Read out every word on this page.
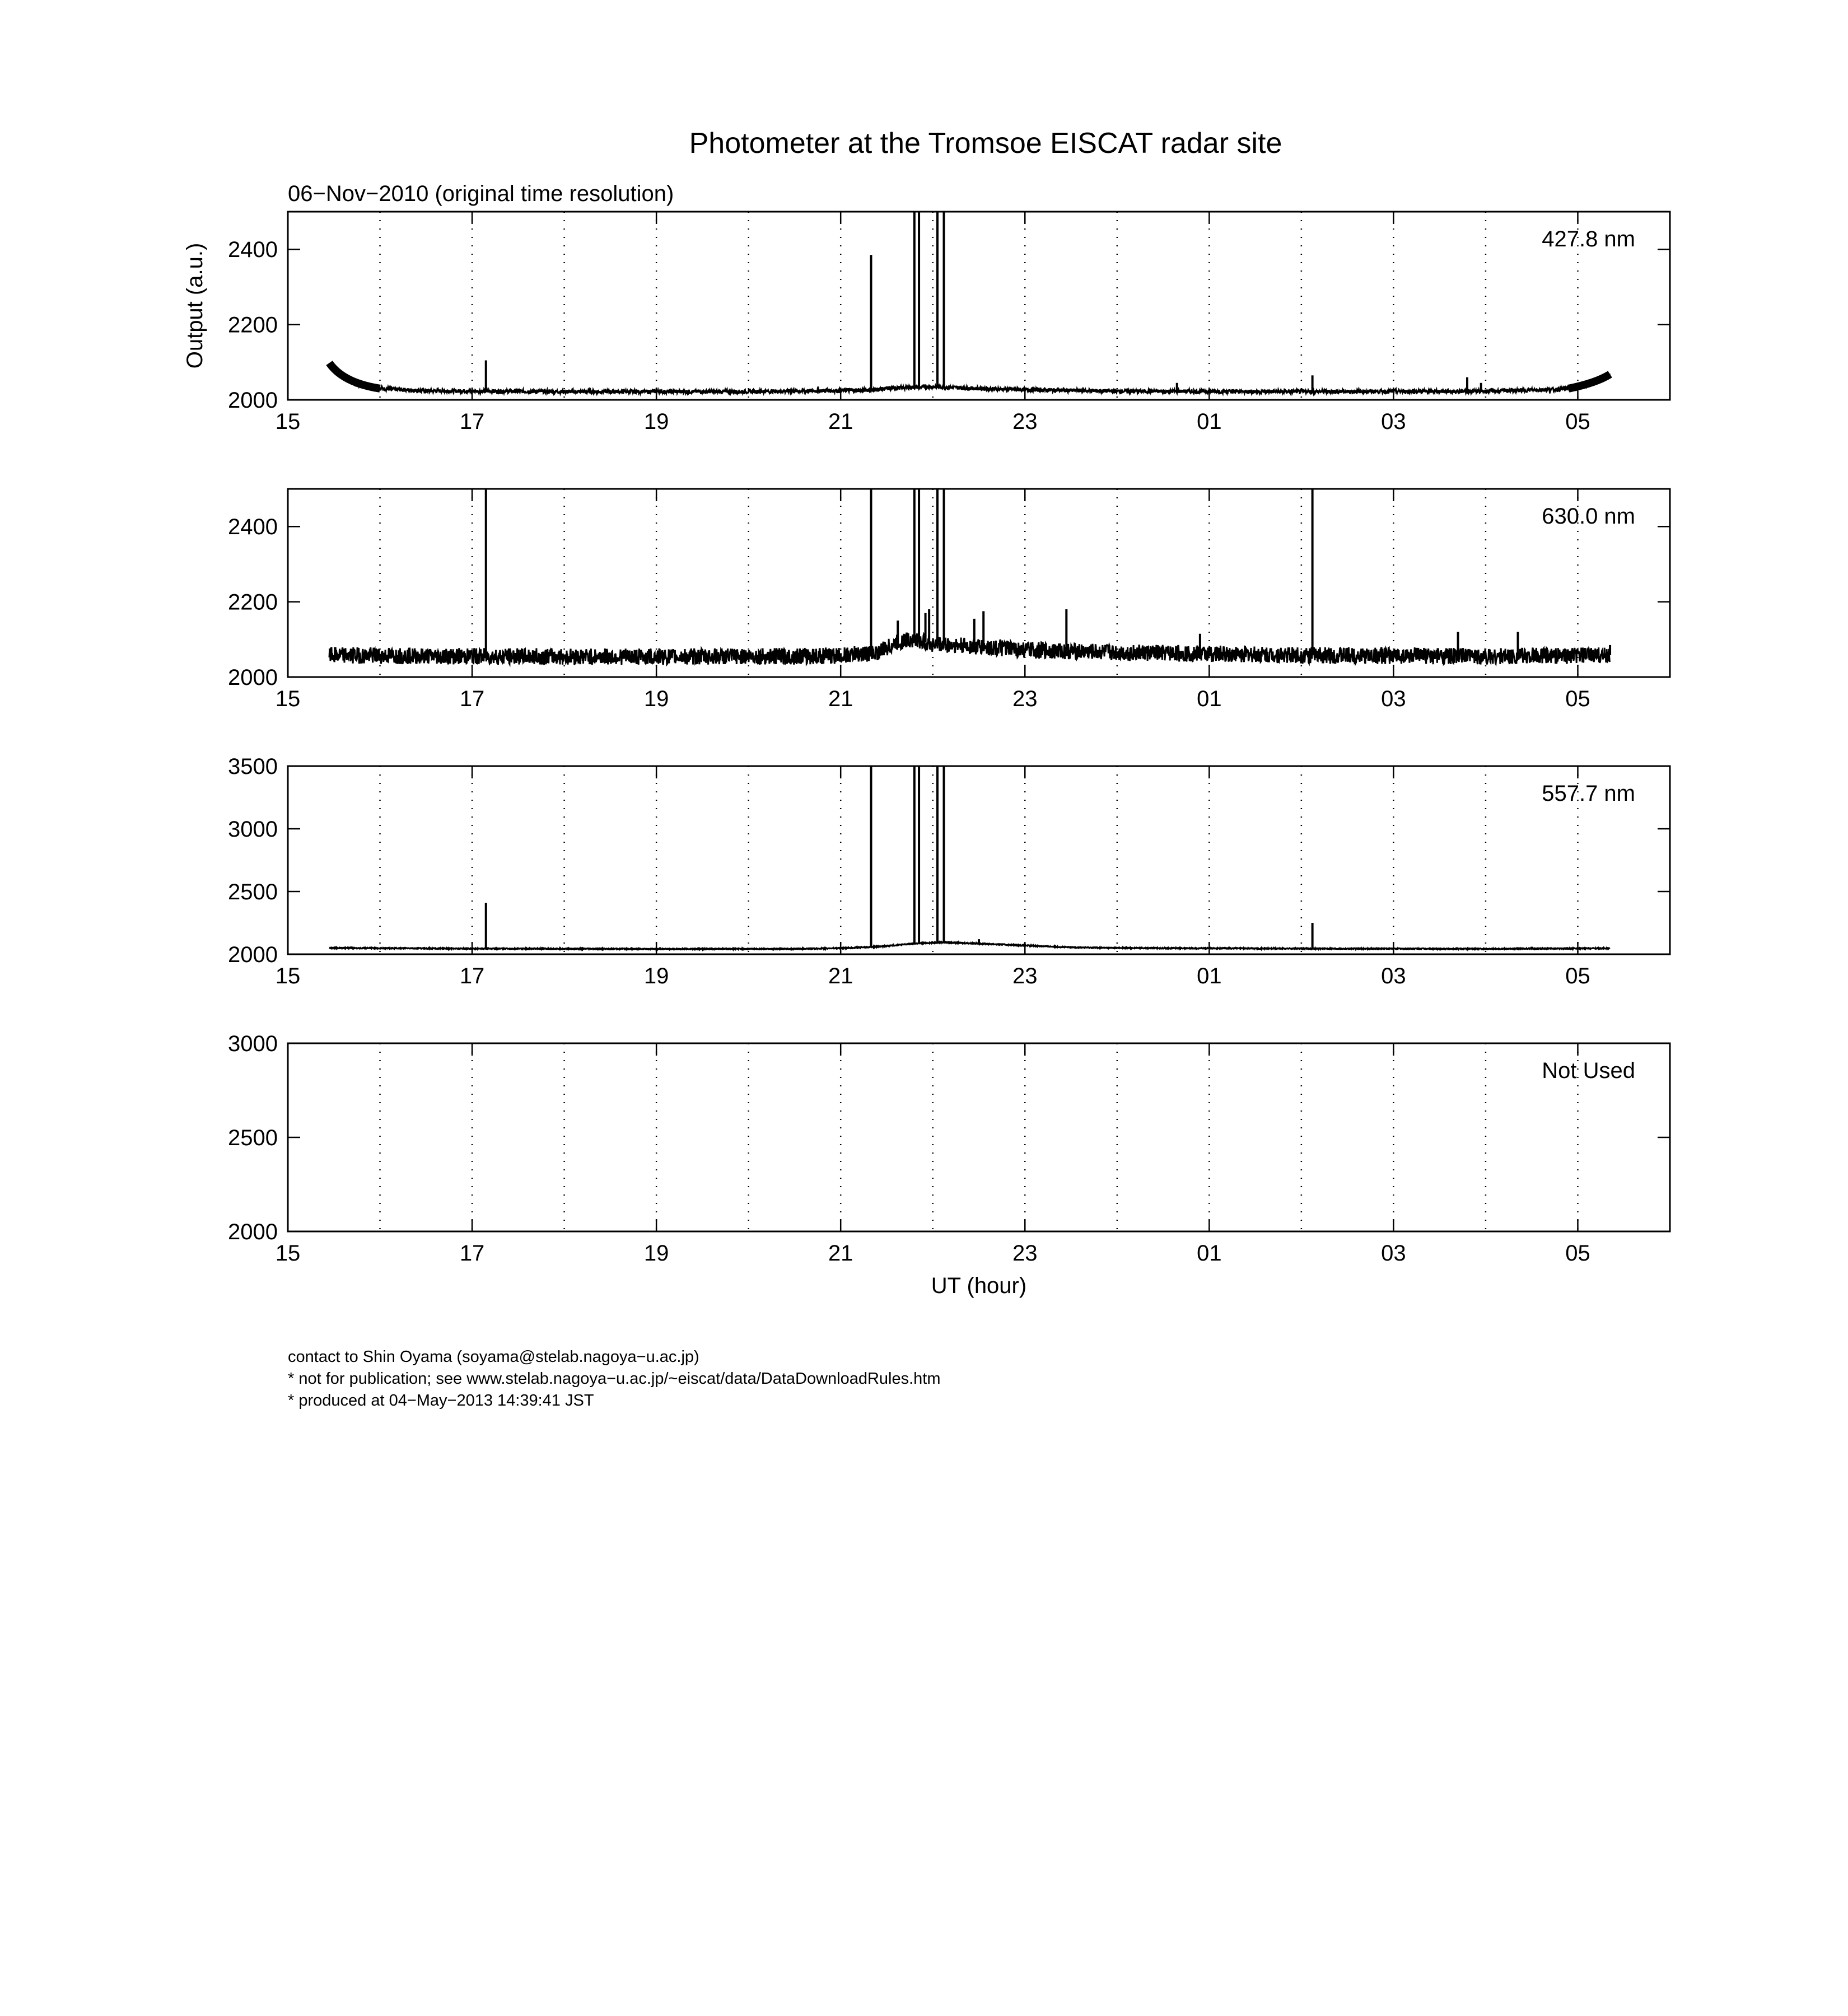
Photometer at the Tromsoe EISCAT radar site
06−Nov−2010 (original time resolution)
15	17	19	21	23	01	03	05
2000
2200
2400	427.8 nm
Output (a.u.)
15	17	19	21	23	01	03	05
2000
2200
2400	630.0 nm
15	17	19	21	23	01	03	05
2000
2500
3000
3500
557.7 nm
15	17	19	21	23	01	03	05
2000
2500
3000
Not Used
UT (hour)
contact to Shin Oyama (soyama@stelab.nagoya−u.ac.jp)
* not for publication; see www.stelab.nagoya−u.ac.jp/~eiscat/data/DataDownloadRules.htm
* produced at 04−May−2013 14:39:41 JST
